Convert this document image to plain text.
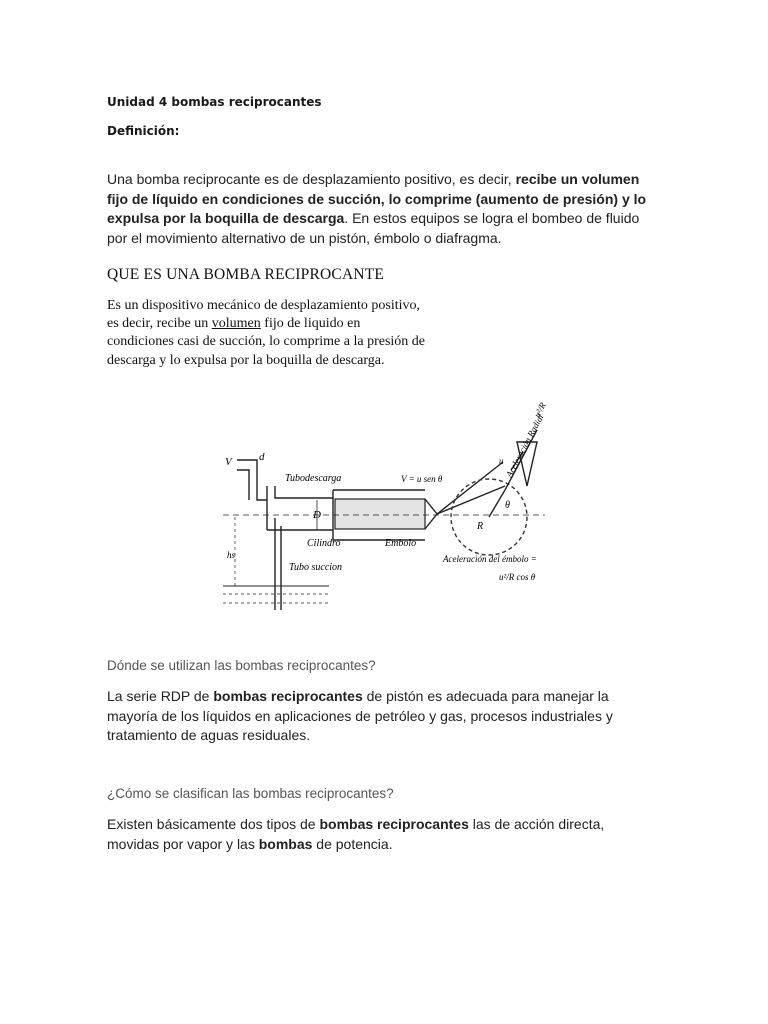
Unidad 4 bombas reciprocantes
Definición:

Una bomba reciprocante es de desplazamiento positivo, es decir, recibe un volumen fijo de líquido en condiciones de succión, lo comprime (aumento de presión) y lo expulsa por la boquilla de descarga. En estos equipos se logra el bombeo de fluido por el movimiento alternativo de un pistón, émbolo o diafragma.

QUE ES UNA BOMBA RECIPROCANTE

Es un dispositivo mecánico de desplazamiento positivo, es decir, recibe un volumen fijo de liquido en condiciones casi de succión, lo comprime a la presión de descarga y lo expulsa por la boquilla de descarga.

V d
Tubodescarga	V = u sen θ
D
Cilindro	Embolo
Tubo succion
hs
R
θ
u Aceleración Radial
u²/R
Aceleración del émbolo =
u²/R cos θ
Dónde se utilizan las bombas reciprocantes?

La serie RDP de bombas reciprocantes de pistón es adecuada para manejar la mayoría de los líquidos en aplicaciones de petróleo y gas, procesos industriales y tratamiento de aguas residuales.

¿Cómo se clasifican las bombas reciprocantes?

Existen básicamente dos tipos de bombas reciprocantes las de acción directa, movidas por vapor y las bombas de potencia.
